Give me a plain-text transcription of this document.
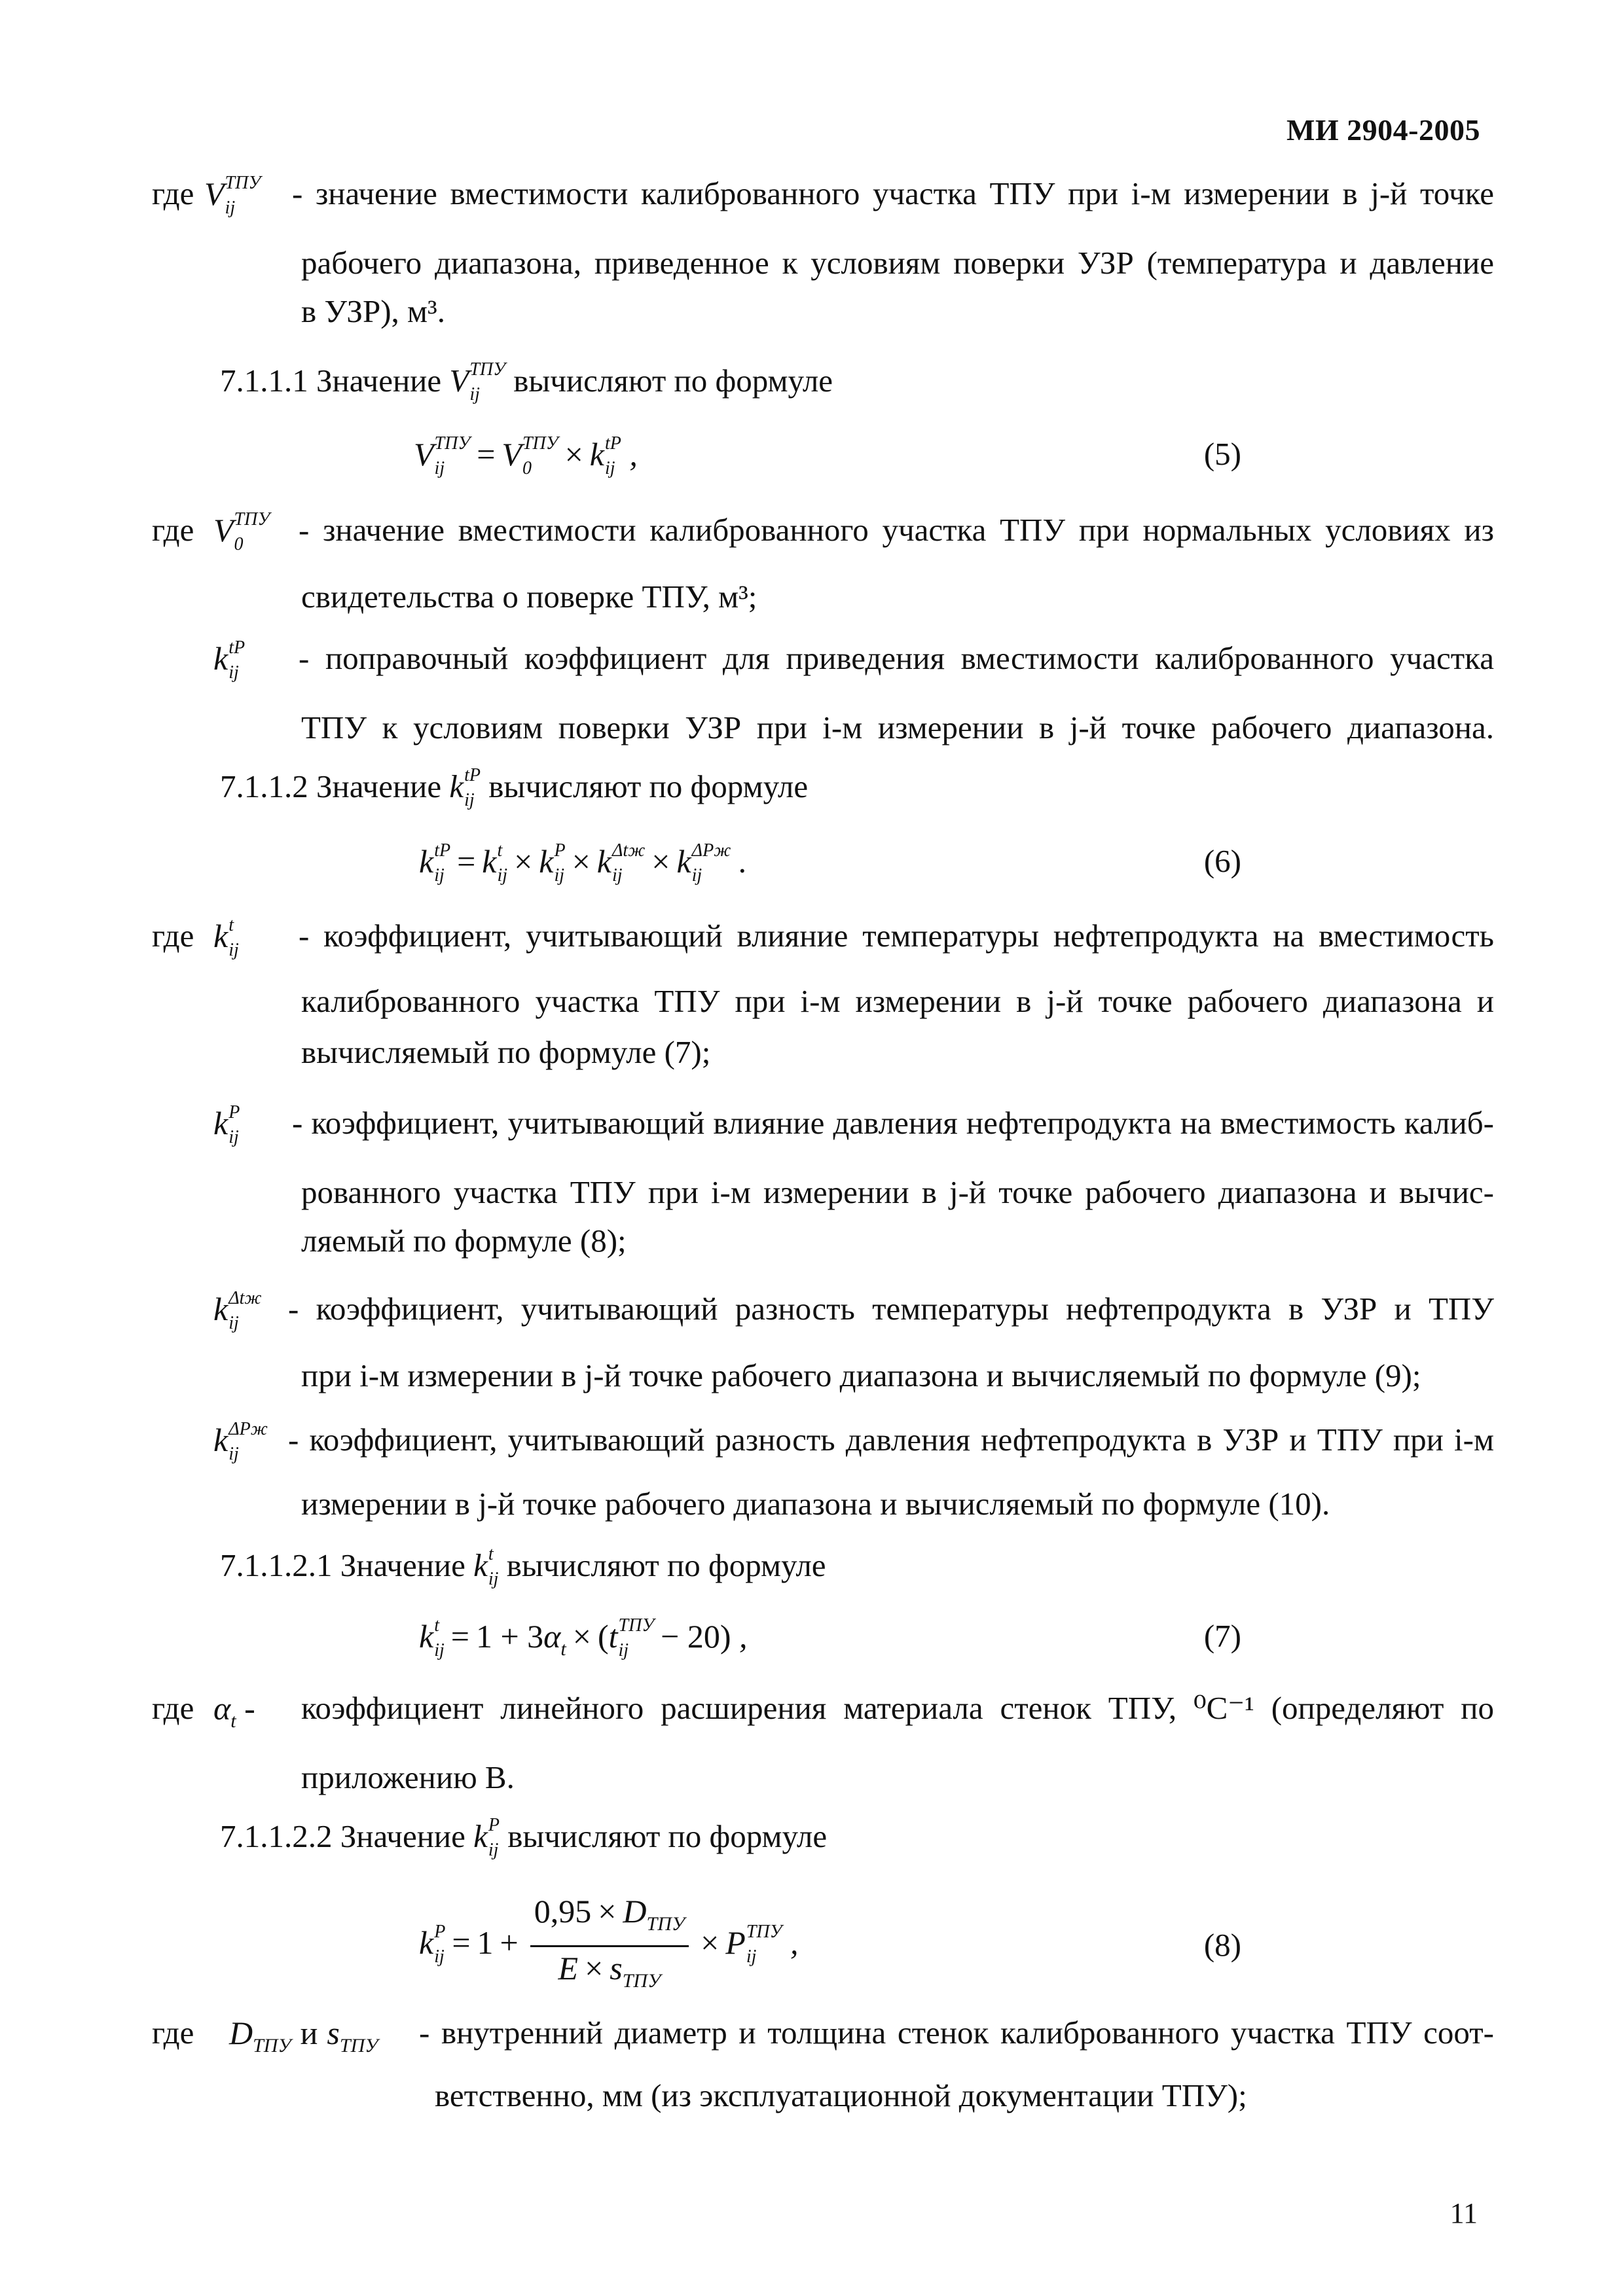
МИ 2904-2005
где V ТПУ
ij	- значение вместимости калиброванного участка ТПУ при i-м измерении в j-й точке
рабочего диапазона, приведенное к условиям поверки УЗР (температура и давление
в УЗР), м³.
7.1.1.1 Значение V ТПУ
ij	вычисляют по формуле
V ТПУ
ij = V ТПУ
0	× k tP
ij ,	(5)
где V ТПУ
0	- значение вместимости калиброванного участка ТПУ при нормальных условиях из
свидетельства о поверке ТПУ, м³;
k tP
ij - поправочный коэффициент для приведения вместимости калиброванного участка
ТПУ к условиям поверки УЗР при i-м измерении в j-й точке рабочего диапазона.
7.1.1.2 Значение k tP
ij вычисляют по формуле
k tP
ij = k t
ij × k P
ij × k Δtж
ij × k ΔPж
ij .	(6)
где k t
ij - коэффициент, учитывающий влияние температуры нефтепродукта на вместимость
калиброванного участка ТПУ при i-м измерении в j-й точке рабочего диапазона и
вычисляемый по формуле (7);
k P
ij - коэффициент, учитывающий влияние давления нефтепродукта на вместимость калиб-
рованного участка ТПУ при i-м измерении в j-й точке рабочего диапазона и вычис-
ляемый по формуле (8);
k Δtж
ij	- коэффициент, учитывающий разность температуры нефтепродукта в УЗР и ТПУ
при i-м измерении в j-й точке рабочего диапазона и вычисляемый по формуле (9);
k ΔPж
ij	- коэффициент, учитывающий разность давления нефтепродукта в УЗР и ТПУ при i-м
измерении в j-й точке рабочего диапазона и вычисляемый по формуле (10).
7.1.1.2.1 Значение k t
ij вычисляют по формуле
k t
ij = $1 + 3\alpha_t \times (t$ ТПУ
ij − 20) ,	(7)
где $\alpha_t$ - коэффициент линейного расширения материала стенок ТПУ, ⁰С⁻¹ (определяют по
приложению В.
7.1.1.2.2 Значение k P
ij вычисляют по формуле
k P
ij = $1 + \frac{0,95 \times D_{ТПУ}}{E \times s_{ТПУ}} \times P$ ТПУ
ij ,	(8)
где $D_{ТПУ}$ и $s_{ТПУ}$ - внутренний диаметр и толщина стенок калиброванного участка ТПУ соот-
ветственно, мм (из эксплуатационной документации ТПУ);
11
